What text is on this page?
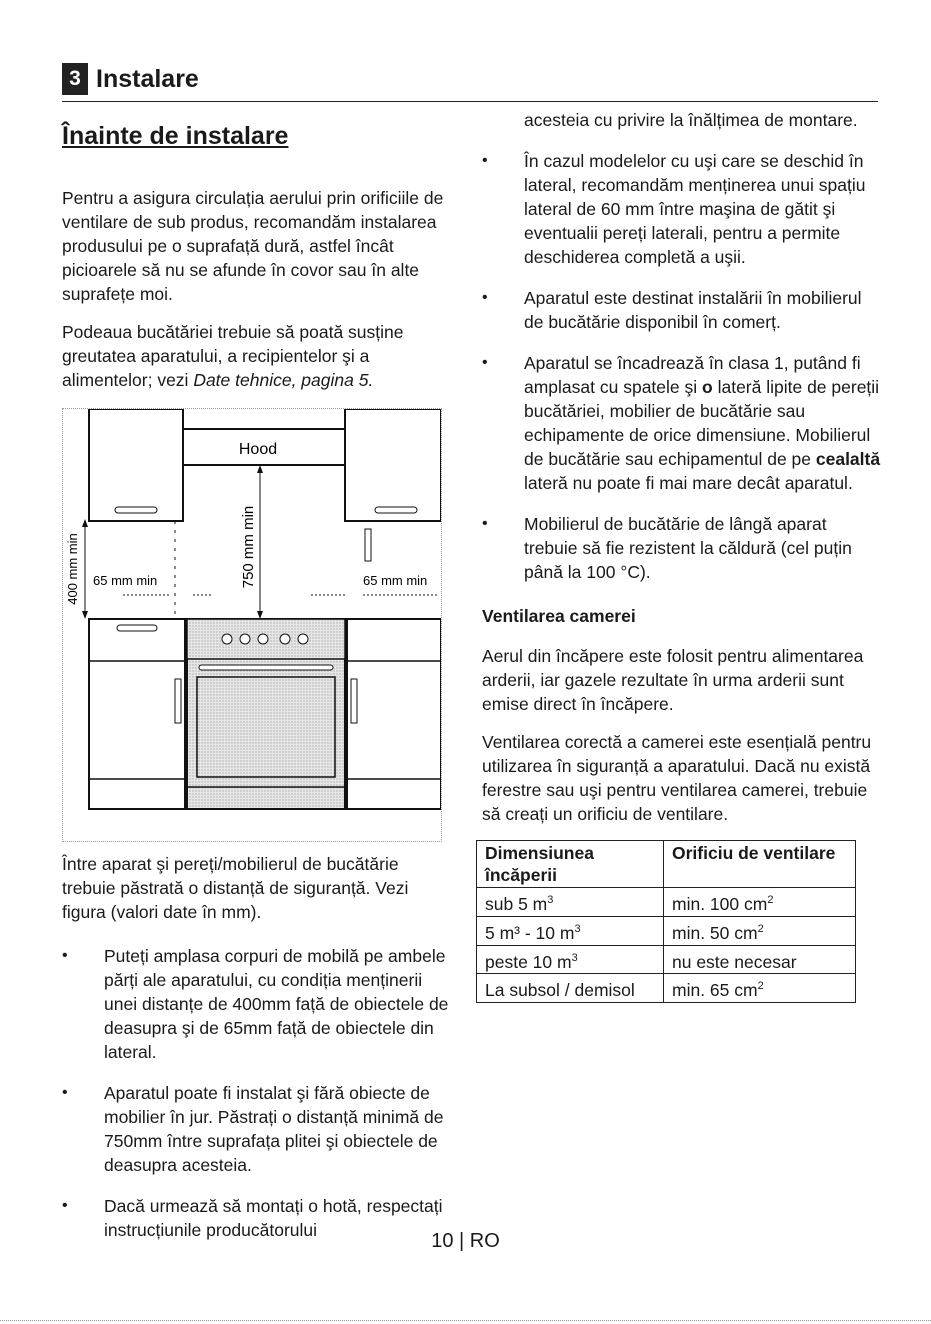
3 Instalare
Înainte de instalare

Pentru a asigura circulația aerului prin orificiile de ventilare de sub produs, recomandăm instalarea produsului pe o suprafață dură, astfel încât picioarele să nu se afunde în covor sau în alte suprafețe moi.

Podeaua bucătăriei trebuie să poată susține greutatea aparatului, a recipientelor şi a alimentelor; vezi Date tehnice, pagina 5.

Hood
750 mm min
400 mm min 65 mm min	65 mm min

Între aparat şi pereți/mobilierul de bucătărie trebuie păstrată o distanță de siguranță. Vezi figura (valori date în mm).

• Puteți amplasa corpuri de mobilă pe ambele părți ale aparatului, cu condiția menținerii unei distanțe de 400mm față de obiectele de deasupra şi de 65mm față de obiectele din lateral.
• Aparatul poate fi instalat şi fără obiecte de mobilier în jur. Păstrați o distanță minimă de 750mm între suprafața plitei şi obiectele de deasupra acesteia.
• Dacă urmează să montați o hotă, respectați instrucțiunile producătorului
acesteia cu privire la înălțimea de montare.
• În cazul modelelor cu uşi care se deschid în lateral, recomandăm menținerea unui spațiu lateral de 60 mm între maşina de gătit şi eventualii pereți laterali, pentru a permite deschiderea completă a uşii.
• Aparatul este destinat instalării în mobilierul de bucătărie disponibil în comerț.
• Aparatul se încadrează în clasa 1, putând fi amplasat cu spatele şi o lateră lipite de pereții bucătăriei, mobilier de bucătărie sau echipamente de orice dimensiune. Mobilierul de bucătărie sau echipamentul de pe cealaltă lateră nu poate fi mai mare decât aparatul.
• Mobilierul de bucătărie de lângă aparat trebuie să fie rezistent la căldură (cel puțin până la 100 °C).
Ventilarea camerei

Aerul din încăpere este folosit pentru alimentarea arderii, iar gazele rezultate în urma arderii sunt emise direct în încăpere.

Ventilarea corectă a camerei este esențială pentru utilizarea în siguranță a aparatului. Dacă nu există ferestre sau uşi pentru ventilarea camerei, trebuie să creați un orificiu de ventilare.

Dimensiunea încăperii	Orificiu de ventilare
sub 5 $m^3$	min. 100 $cm^2$
5 m³ - 10 $m^3$	min. 50 $cm^2$
peste 10 $m^3$	nu este necesar
La subsol / demisol	min. 65 $cm^2$
10 | RO
